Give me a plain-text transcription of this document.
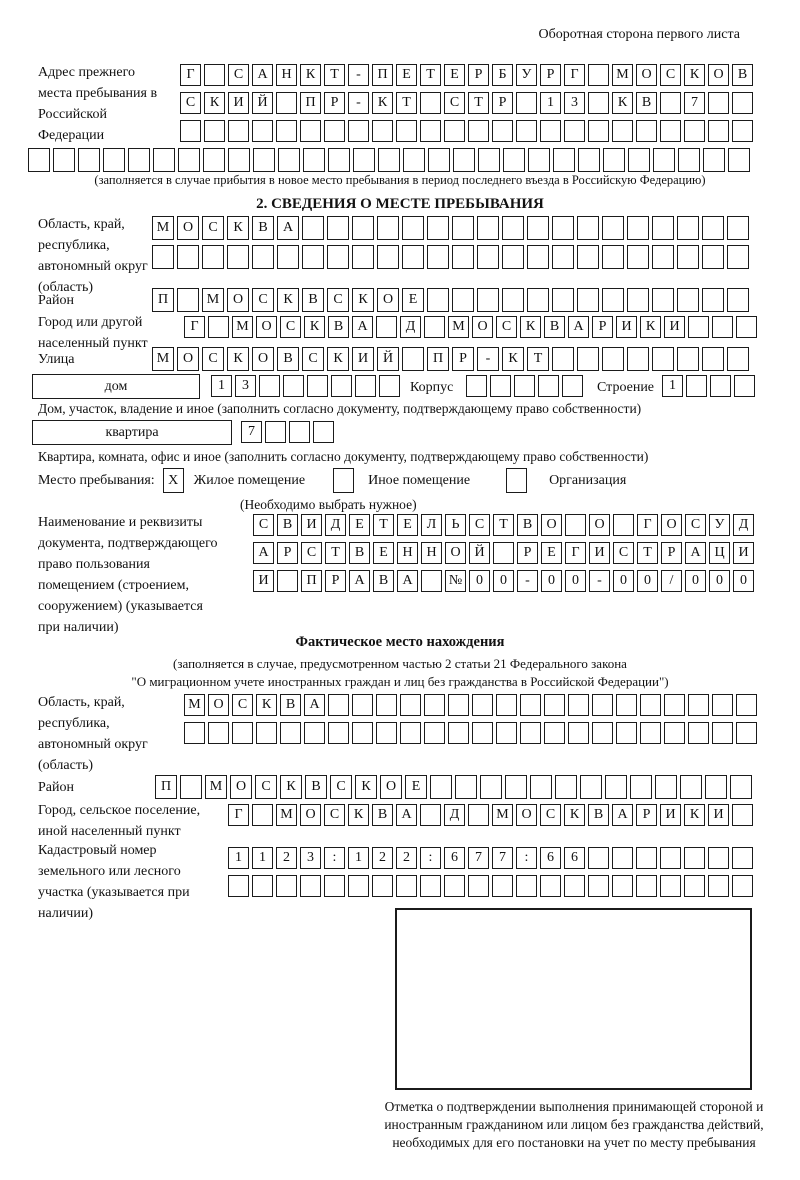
Оборотная сторона первого листа
Адрес прежнего места пребывания в Российской Федерации
Г	С	А Н	К	Т	-	П	Е	Т	Е	Р	Б	У	Р	Г	М О	С	К	О	В
С	К	И Й	П	Р	-	К	Т	С	Т	Р	1	3	К	В	7
(заполняется в случае прибытия в новое место пребывания в период последнего въезда в Российскую Федерацию)
2. СВЕДЕНИЯ О МЕСТЕ ПРЕБЫВАНИЯ
Область, край, республика, автономный округ (область)
М О	С	К	В	А
Район	П	М О	С	К	В	С	К	О	Е
Город или другой населенный пункт
Г	М О	С	К	В	А	Д	М О	С	К	В	А	Р	И	К	И
Улица	М О	С	К	О	В	С	К	И	Й	П	Р	-	К	Т
дом	1	3	Корпус	Строение	1
Дом, участок, владение и иное (заполнить согласно документу, подтверждающему право собственности)
квартира	7
Квартира, комната, офис и иное (заполнить согласно документу, подтверждающему право собственности)
Место пребывания: X	Жилое помещение	Иное помещение	Организация
(Необходимо выбрать нужное)
Наименование и реквизиты документа, подтверждающего право пользования помещением (строением, сооружением) (указывается при наличии)
С	В	И	Д	Е	Т	Е	Л	Ь	С	Т	В	О	О	Г	О	С	У	Д
А	Р	С	Т	В	Е	Н Н О Й	Р	Е	Г	И	С	Т	Р	А Ц И
И	П	Р	А	В	А	№ 0	0	-	0	0	-	0	0	/	0	0	0
Фактическое место нахождения
(заполняется в случае, предусмотренном частью 2 статьи 21 Федерального закона
"О миграционном учете иностранных граждан и лиц без гражданства в Российской Федерации")
Область, край, республика, автономный округ (область)
М О	С	К	В	А
Район	П	М О	С	К	В	С	К	О	Е
Город, сельское поселение, иной населенный пункт
Г	М О	С	К	В	А	Д	М О	С	К	В	А	Р	И	К	И
Кадастровый номер земельного или лесного участка (указывается при наличии)
1	1	2	3	:	1	2	2	:	6	7	7	:	6	6
Отметка о подтверждении выполнения принимающей стороной и иностранным гражданином или лицом без гражданства действий, необходимых для его постановки на учет по месту пребывания
